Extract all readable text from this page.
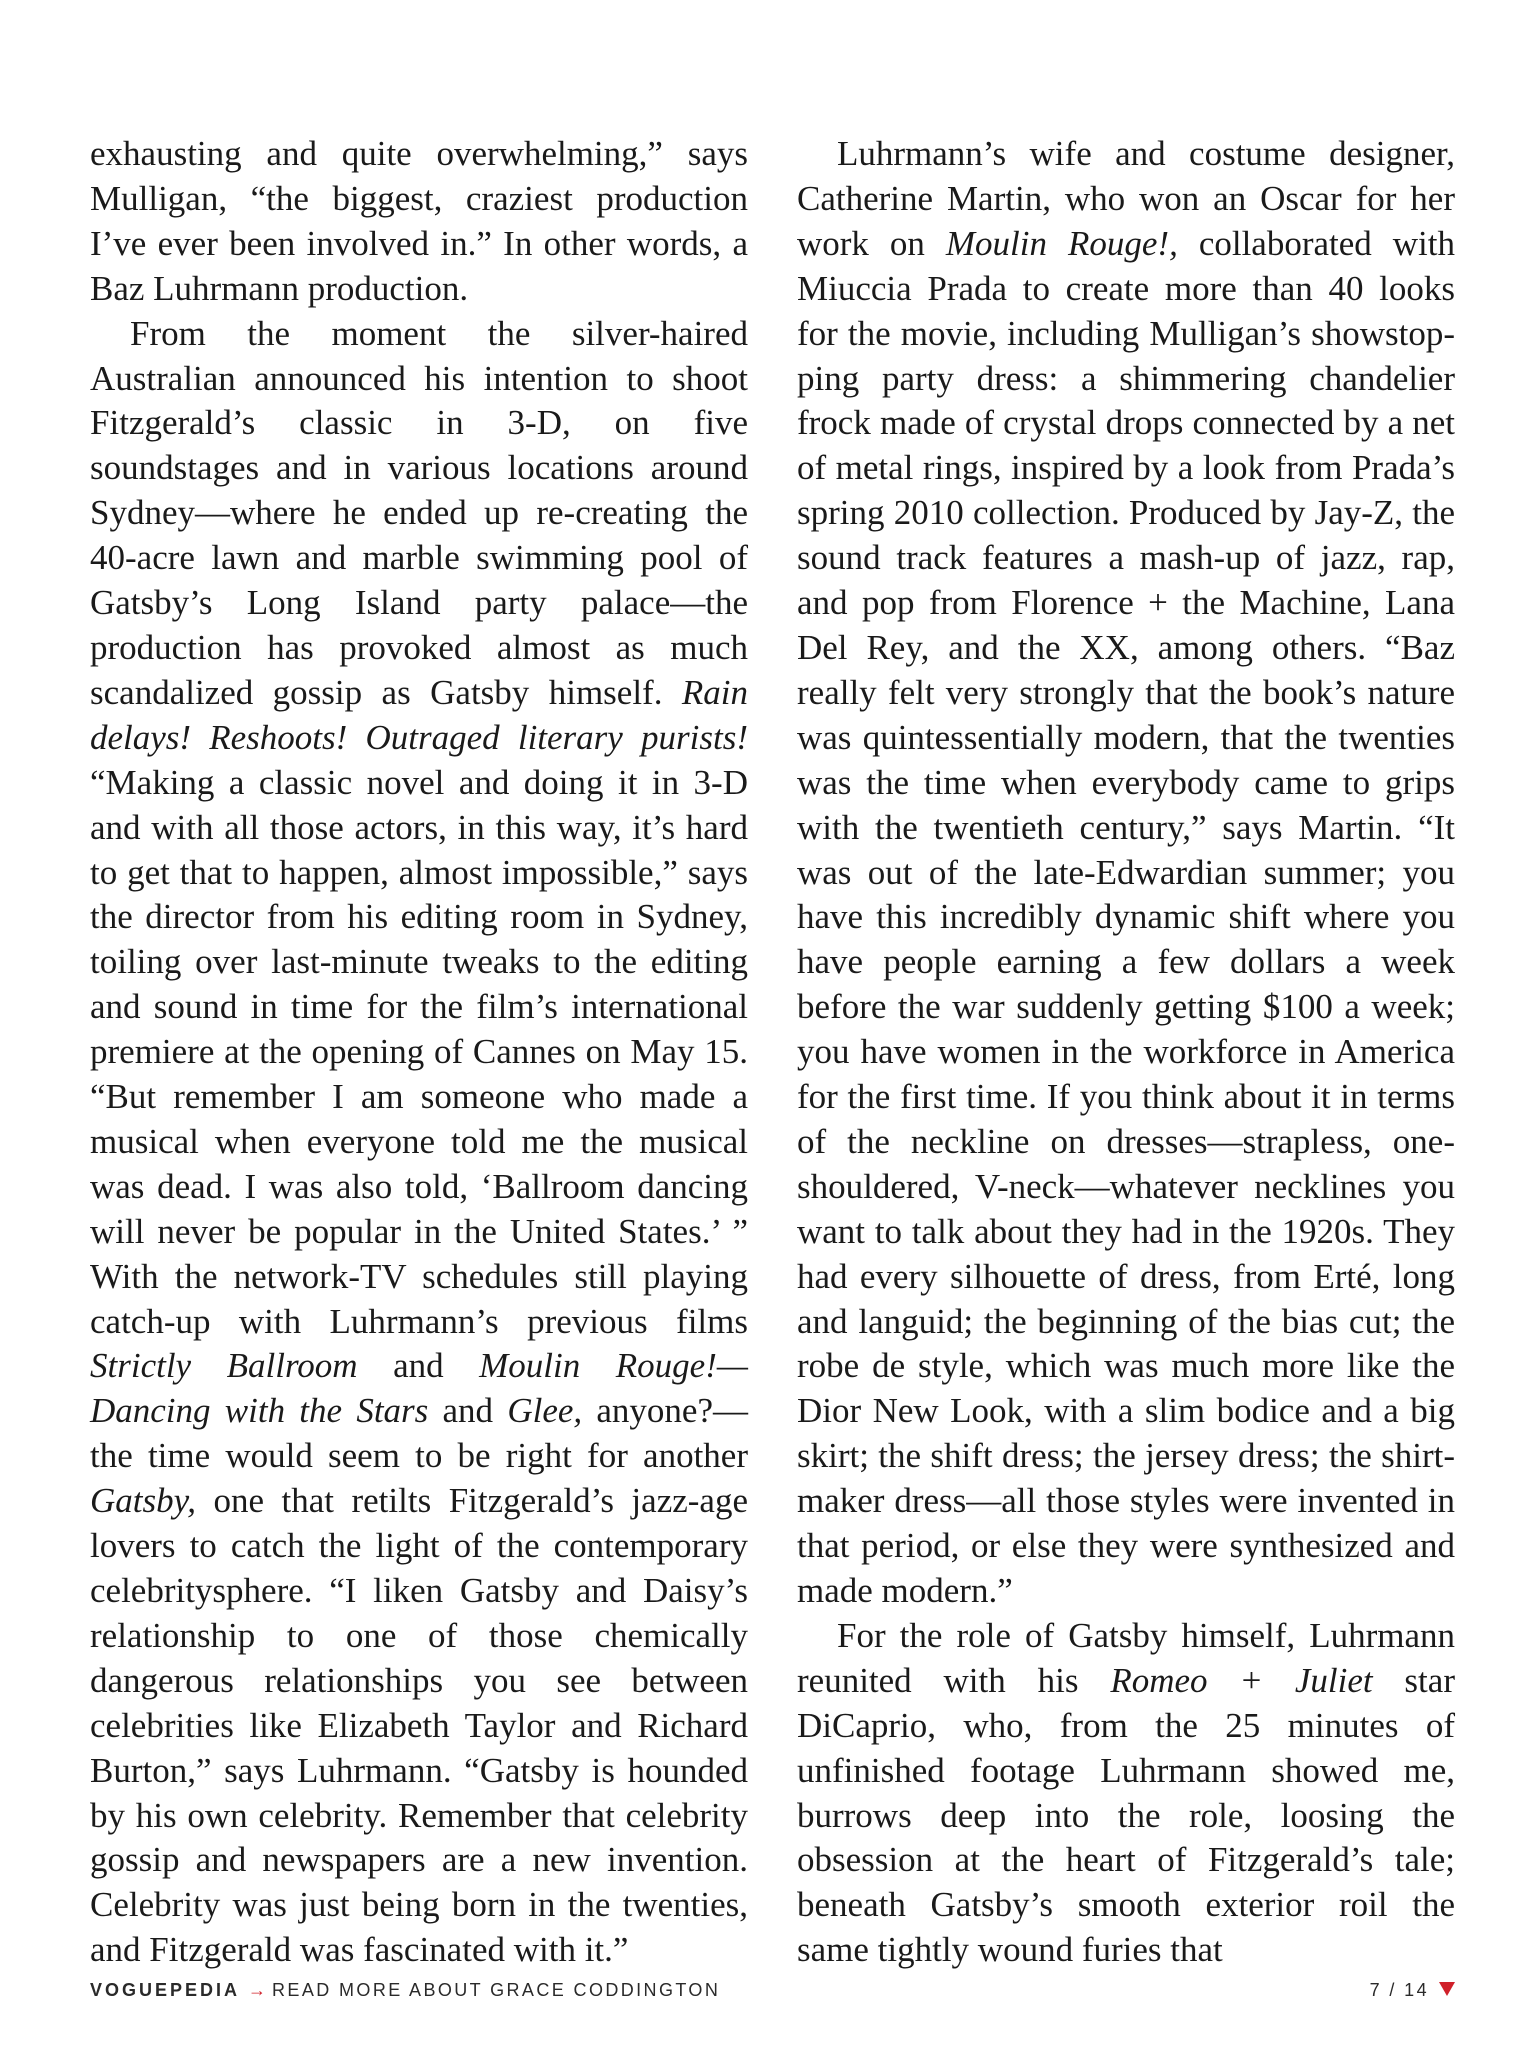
exhausting and quite overwhelming,” says Mulligan, “the biggest, craziest production I’ve ever been involved in.” In other words, a Baz Luhrmann production.

From the moment the silver-haired Australian announced his intention to shoot Fitzgerald’s classic in 3-D, on five soundstages and in various locations around Sydney—where he ended up re-creating the 40-acre lawn and marble swimming pool of Gatsby’s Long Island party palace—the production has provoked almost as much scandalized gossip as Gatsby himself. Rain delays! Reshoots! Outraged literary purists! “Making a classic novel and doing it in 3-D and with all those actors, in this way, it’s hard to get that to happen, almost impossible,” says the director from his editing room in Sydney, toiling over last-minute tweaks to the editing and sound in time for the film’s international premiere at the opening of Cannes on May 15. “But remember I am someone who made a musical when everyone told me the musical was dead. I was also told, ‘Ballroom dancing will never be popular in the United States.’ ” With the network-TV schedules still playing catch-up with Luhrmann’s previous films Strictly Ballroom and Moulin Rouge!—Dancing with the Stars and Glee, anyone?—the time would seem to be right for another Gatsby, one that retilts Fitzgerald’s jazz-age lovers to catch the light of the contemporary celebritysphere. “I liken Gatsby and Daisy’s relationship to one of those chemically dangerous relationships you see between celebrities like Elizabeth Taylor and Richard Burton,” says Luhrmann. “Gatsby is hounded by his own celebrity. Remember that celebrity gossip and newspapers are a new invention. Celebrity was just being born in the twenties, and Fitzgerald was fascinated with it.”

Luhrmann’s wife and costume designer, Catherine Martin, who won an Oscar for her work on Moulin Rouge!, collaborated with Miuccia Prada to create more than 40 looks for the movie, including Mulligan’s showstopping party dress: a shimmering chandelier frock made of crystal drops connected by a net of metal rings, inspired by a look from Prada’s spring 2010 collection. Produced by Jay-Z, the sound track features a mash-up of jazz, rap, and pop from Florence + the Machine, Lana Del Rey, and the XX, among others. “Baz really felt very strongly that the book’s nature was quintessentially modern, that the twenties was the time when everybody came to grips with the twentieth century,” says Martin. “It was out of the late-Edwardian summer; you have this incredibly dynamic shift where you have people earning a few dollars a week before the war suddenly getting $100 a week; you have women in the workforce in America for the first time. If you think about it in terms of the neckline on dresses—strapless, one-shouldered, V-neck—whatever necklines you want to talk about they had in the 1920s. They had every silhouette of dress, from Erté, long and languid; the beginning of the bias cut; the robe de style, which was much more like the Dior New Look, with a slim bodice and a big skirt; the shift dress; the jersey dress; the shirtmaker dress—all those styles were invented in that period, or else they were synthesized and made modern.”

For the role of Gatsby himself, Luhrmann reunited with his Romeo + Juliet star DiCaprio, who, from the 25 minutes of unfinished footage Luhrmann showed me, burrows deep into the role, loosing the obsession at the heart of Fitzgerald’s tale; beneath Gatsby’s smooth exterior roil the same tightly wound furies that

VOGUEPEDIA → READ MORE ABOUT GRACE CODDINGTON	7 / 14
